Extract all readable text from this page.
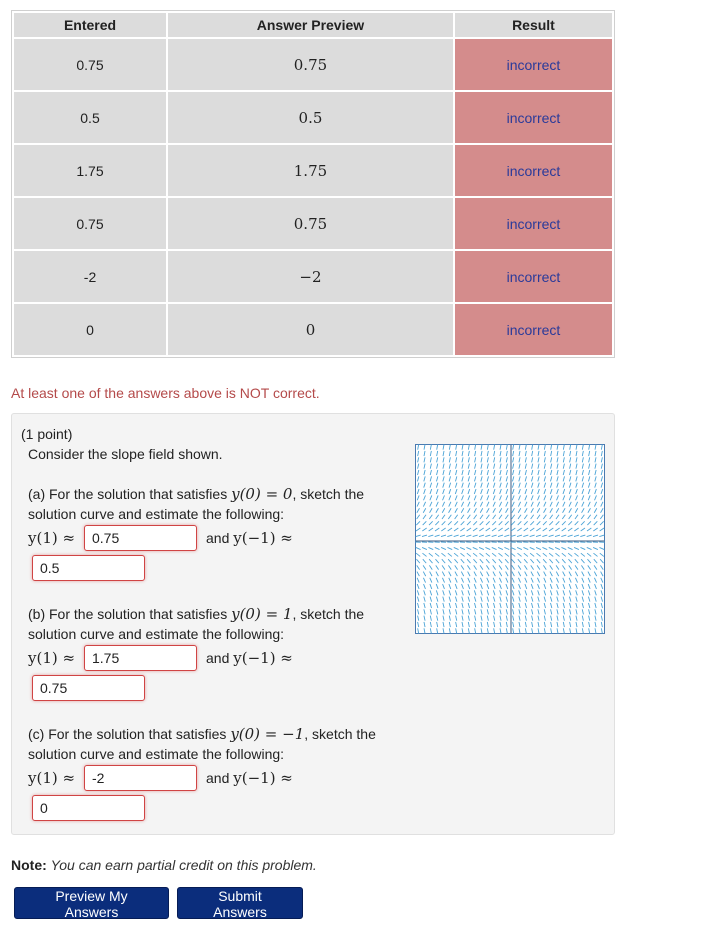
Entered	Answer Preview	Result
0.75	0.75	incorrect
0.5	0.5	incorrect
1.75	1.75	incorrect
0.75	0.75	incorrect
-2	−2	incorrect
0	0	incorrect
At least one of the answers above is NOT correct.
(1 point)
Consider the slope field shown.
(a) For the solution that satisfies y(0) = 0, sketch the solution curve and estimate the following:
y(1) ≈
0.75	and y(−1) ≈
0.5
(b) For the solution that satisfies y(0) = 1, sketch the solution curve and estimate the following:
y(1) ≈
1.75	and y(−1) ≈
0.75
(c) For the solution that satisfies y(0) = −1, sketch the solution curve and estimate the following:
y(1) ≈
-2	and y(−1) ≈
0
Note: You can earn partial credit on this problem.
Preview My Answers
Submit Answers
